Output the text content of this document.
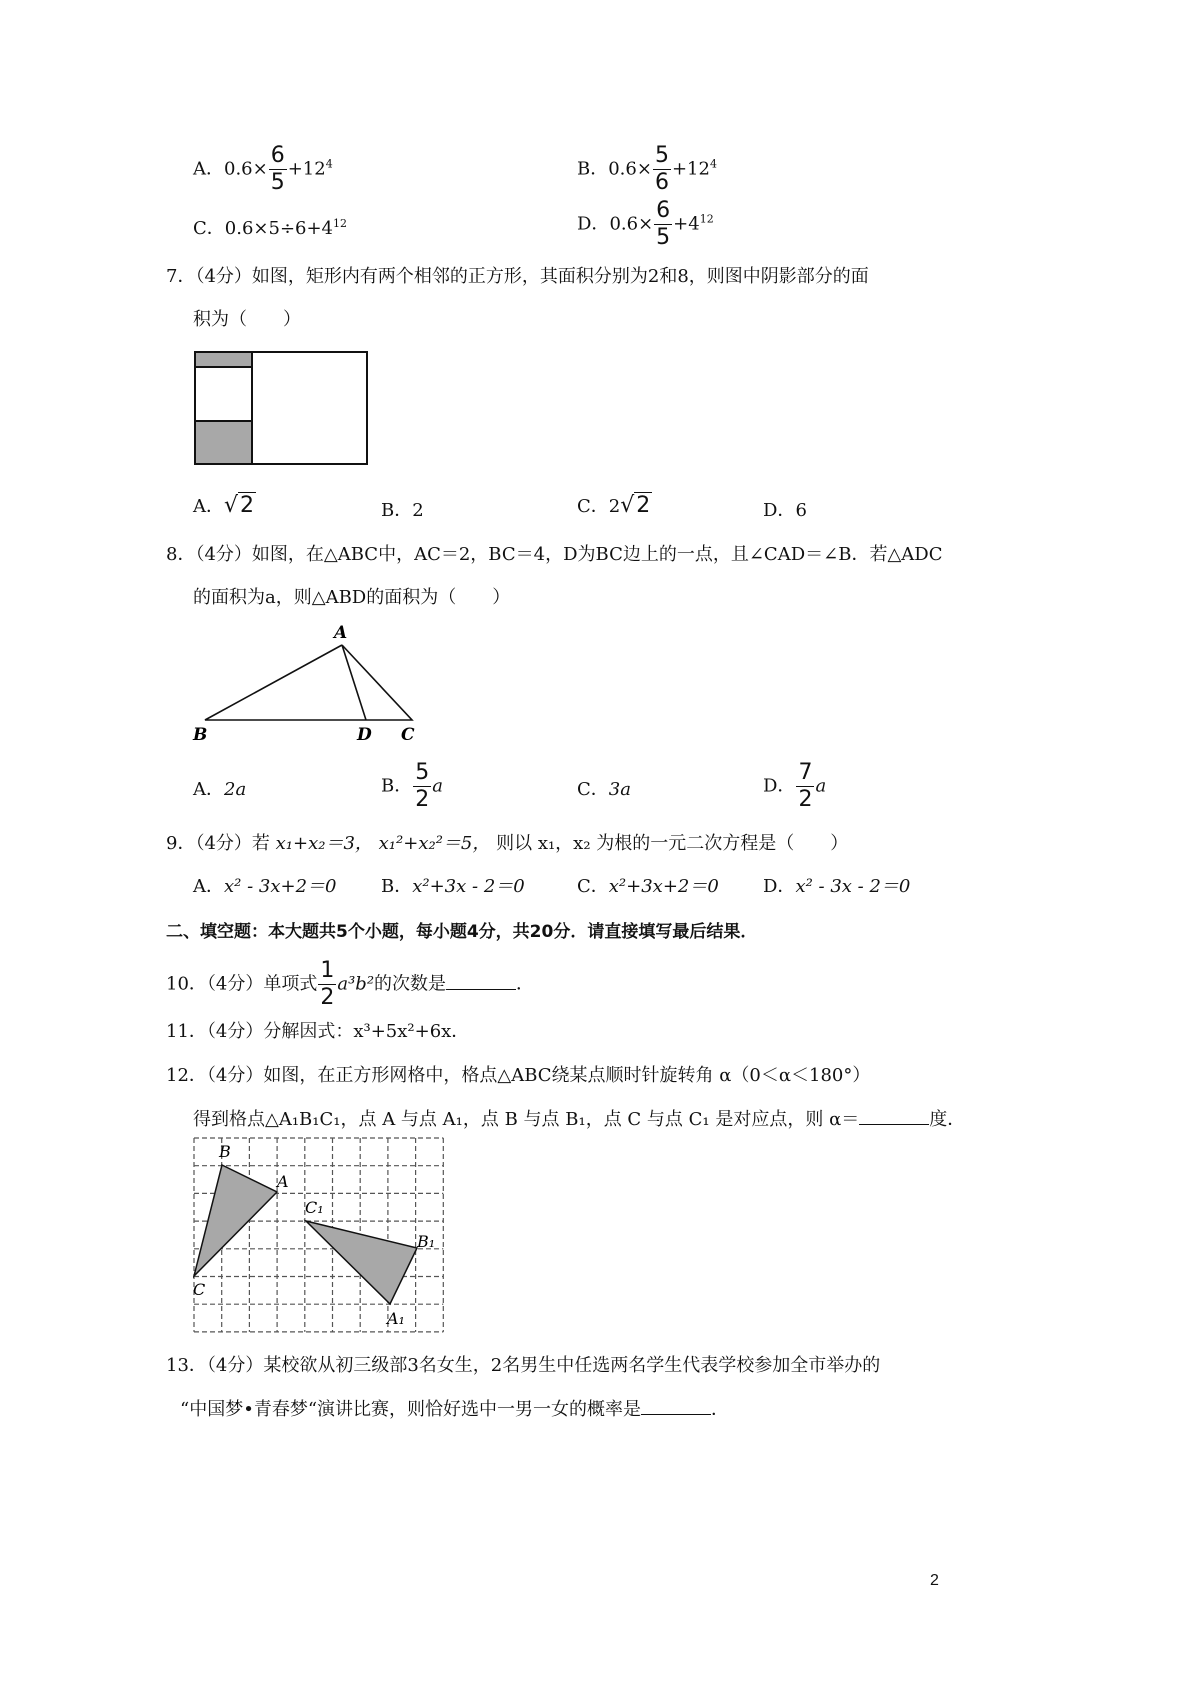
A．$0.6\times \frac{6}{5} +12^4$	B．$0.6\times \frac{5}{6} +12^4$
C．$0.6\times 5\div 6+4^{12}$	D．$0.6\times \frac{6}{5} +4^{12}$
7．（4分）如图，矩形内有两个相邻的正方形，其面积分别为2和8，则图中阴影部分的面
积为（　　）
A．√2	B．2	C．2√2	D．6
8．（4分）如图，在△ABC中，AC＝2，BC＝4，D为BC边上的一点，且∠CAD＝∠B．若△ADC
的面积为a，则△ABD的面积为（　　）
A
B	D C
A．2a	B． $\frac{5}{2}$ a	C．3a	D． $\frac{7}{2}$ a
9．（4分）若 x₁+x₂＝3， x₁²+x₂²＝5， 则以 x₁，x₂ 为根的一元二次方程是（　　）
A．x² - 3x+2＝0 B．x²+3x - 2＝0	C．x²+3x+2＝0 D．x² - 3x - 2＝0
二、填空题：本大题共5个小题，每小题4分，共20分．请直接填写最后结果．
10．（4分）单项式 $\frac{1}{2} a^3b^2$的次数是	．
11．（4分）分解因式：x³+5x²+6x．
12．（4分）如图，在正方形网格中，格点△ABC绕某点顺时针旋转角 α（0＜α＜180°）
得到格点△A₁B₁C₁，点 A 与点 A₁，点 B 与点 B₁，点 C 与点 C₁ 是对应点，则 α＝	度．
B
A
C
C₁
B₁
A₁
13．（4分）某校欲从初三级部3名女生，2名男生中任选两名学生代表学校参加全市举办的
“中国梦•青春梦“演讲比赛，则恰好选中一男一女的概率是	．
2
